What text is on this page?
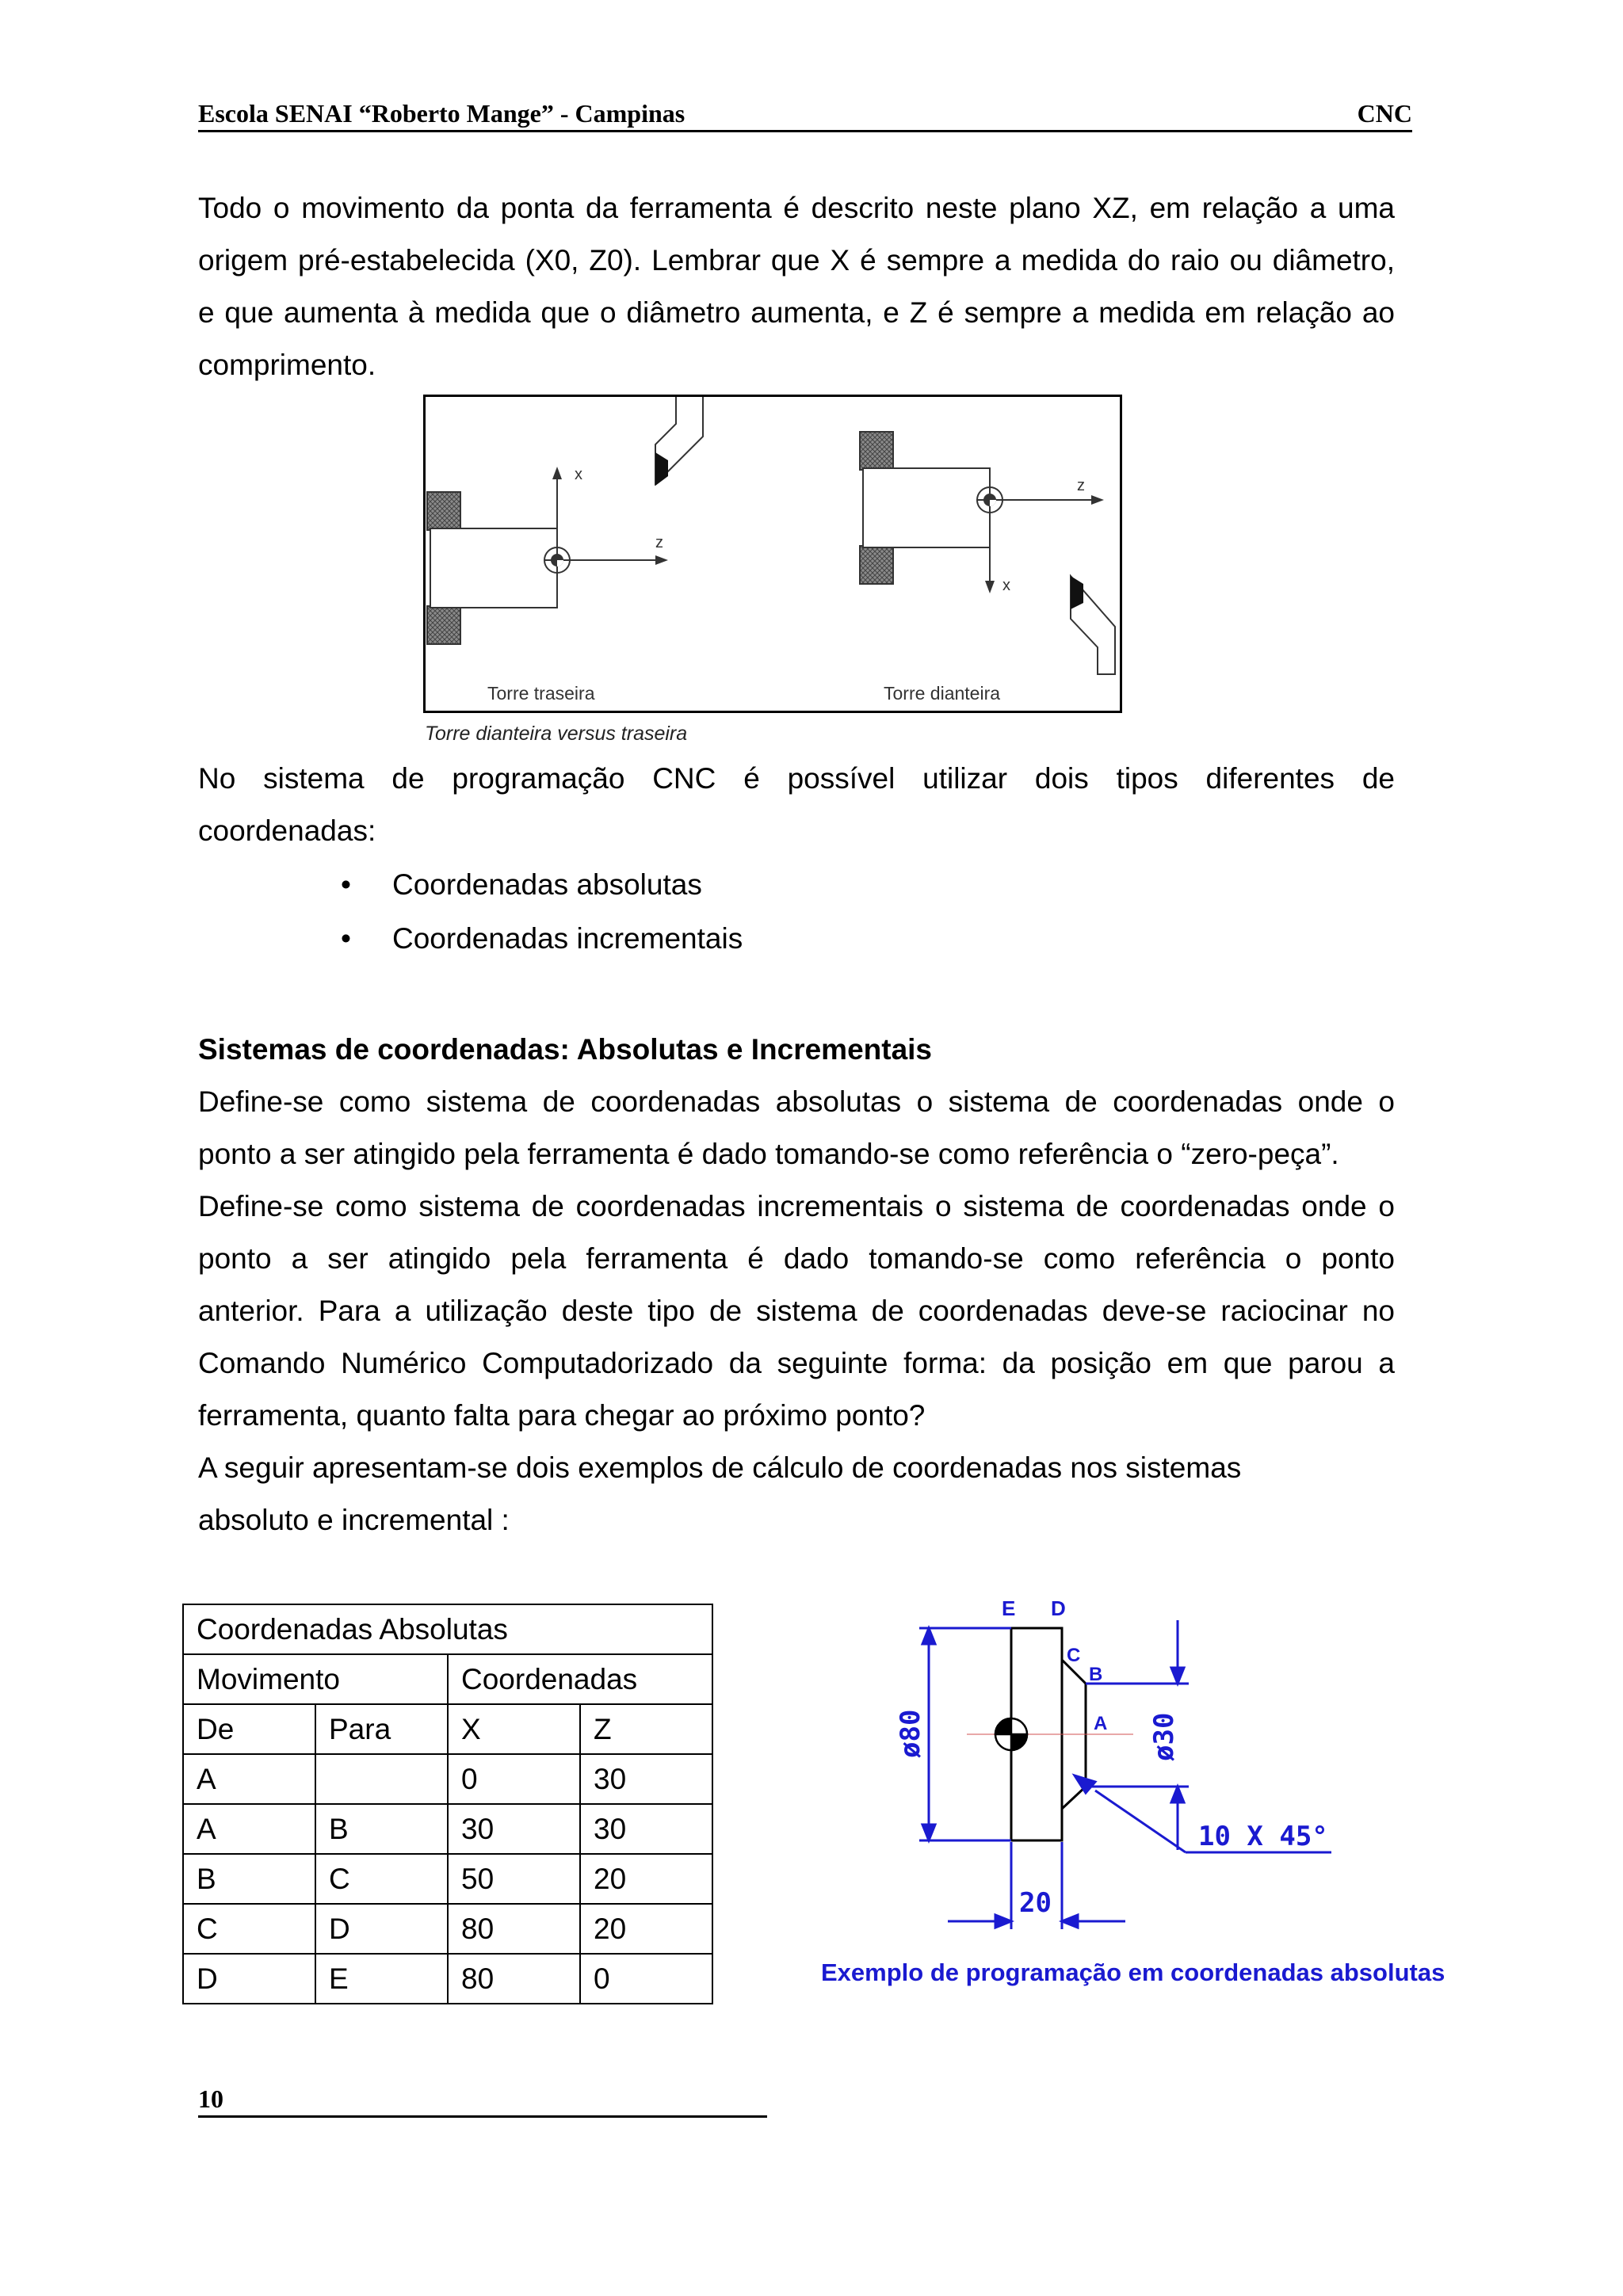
Escola SENAI “Roberto Mange” - Campinas	CNC
Todo o movimento da ponta da ferramenta é descrito neste plano XZ, em relação a uma
origem pré-estabelecida (X0, Z0). Lembrar que X é sempre a medida do raio ou diâmetro,
e que aumenta à medida que o diâmetro aumenta, e Z é sempre a medida em relação ao
comprimento.
x
z
Torre traseira
x
z
Torre dianteira
Torre dianteira versus traseira
No sistema de programação CNC é possível utilizar dois tipos diferentes de
coordenadas:
• Coordenadas absolutas
• Coordenadas incrementais
Sistemas de coordenadas: Absolutas e Incrementais
Define-se como sistema de coordenadas absolutas o sistema de coordenadas onde o
ponto a ser atingido pela ferramenta é dado tomando-se como referência o “zero-peça”.
Define-se como sistema de coordenadas incrementais o sistema de coordenadas onde o
ponto a ser atingido pela ferramenta é dado tomando-se como referência o ponto
anterior. Para a utilização deste tipo de sistema de coordenadas deve-se raciocinar no
Comando Numérico Computadorizado da seguinte forma: da posição em que parou a
ferramenta, quanto falta para chegar ao próximo ponto?
A seguir apresentam-se dois exemplos de cálculo de coordenadas nos sistemas
absoluto e incremental :
Coordenadas Absolutas			
Movimento		Coordenadas	
De	Para	X	Z
A		0	30
A	B	30	30
B	C	50	20
C	D	80	20
D	E	80	0
E D
C
B
A
ø80	ø30
10 X 45°
20
Exemplo de programação em coordenadas absolutas
10
